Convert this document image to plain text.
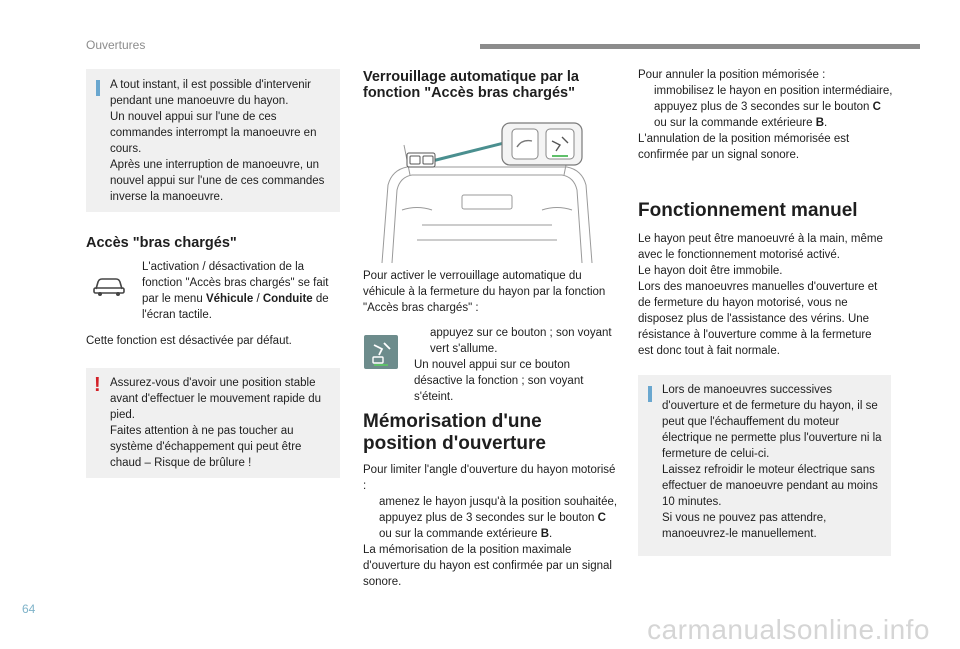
Ouvertures

A tout instant, il est possible d'intervenir pendant une manoeuvre du hayon.

Un nouvel appui sur l'une de ces commandes interrompt la manoeuvre en cours.

Après une interruption de manoeuvre, un nouvel appui sur l'une de ces commandes inverse la manoeuvre.

Accès "bras chargés"
L'activation / désactivation de la fonction "Accès bras chargés" se fait par le menu Véhicule / Conduite de l'écran tactile.
Cette fonction est désactivée par défaut.
! Assurez-vous d'avoir une position stable avant d'effectuer le mouvement rapide du pied.

Faites attention à ne pas toucher au système d'échappement qui peut être chaud – Risque de brûlure !

Verrouillage automatique par la fonction "Accès bras chargés"
Pour activer le verrouillage automatique du véhicule à la fermeture du hayon par la fonction "Accès bras chargés" :

appuyez sur ce bouton ; son voyant vert s'allume.

Un nouvel appui sur ce bouton désactive la fonction ; son voyant s'éteint.

Mémorisation d'une
position d'ouverture

Pour limiter l'angle d'ouverture du hayon motorisé :

amenez le hayon jusqu'à la position souhaitée,

appuyez plus de 3 secondes sur le bouton C ou sur la commande extérieure B.

La mémorisation de la position maximale d'ouverture du hayon est confirmée par un signal sonore.

Pour annuler la position mémorisée :

immobilisez le hayon en position intermédiaire,

appuyez plus de 3 secondes sur le bouton C ou sur la commande extérieure B.

L'annulation de la position mémorisée est confirmée par un signal sonore.

Fonctionnement manuel

Le hayon peut être manoeuvré à la main, même avec le fonctionnement motorisé activé.

Le hayon doit être immobile.

Lors des manoeuvres manuelles d'ouverture et de fermeture du hayon motorisé, vous ne disposez plus de l'assistance des vérins. Une résistance à l'ouverture comme à la fermeture est donc tout à fait normale.

Lors de manoeuvres successives d'ouverture et de fermeture du hayon, il se peut que l'échauffement du moteur électrique ne permette plus l'ouverture ni la fermeture de celui-ci.

Laissez refroidir le moteur électrique sans effectuer de manoeuvre pendant au moins 10 minutes.

Si vous ne pouvez pas attendre, manoeuvrez-le manuellement.

64
carmanualsonline.info
